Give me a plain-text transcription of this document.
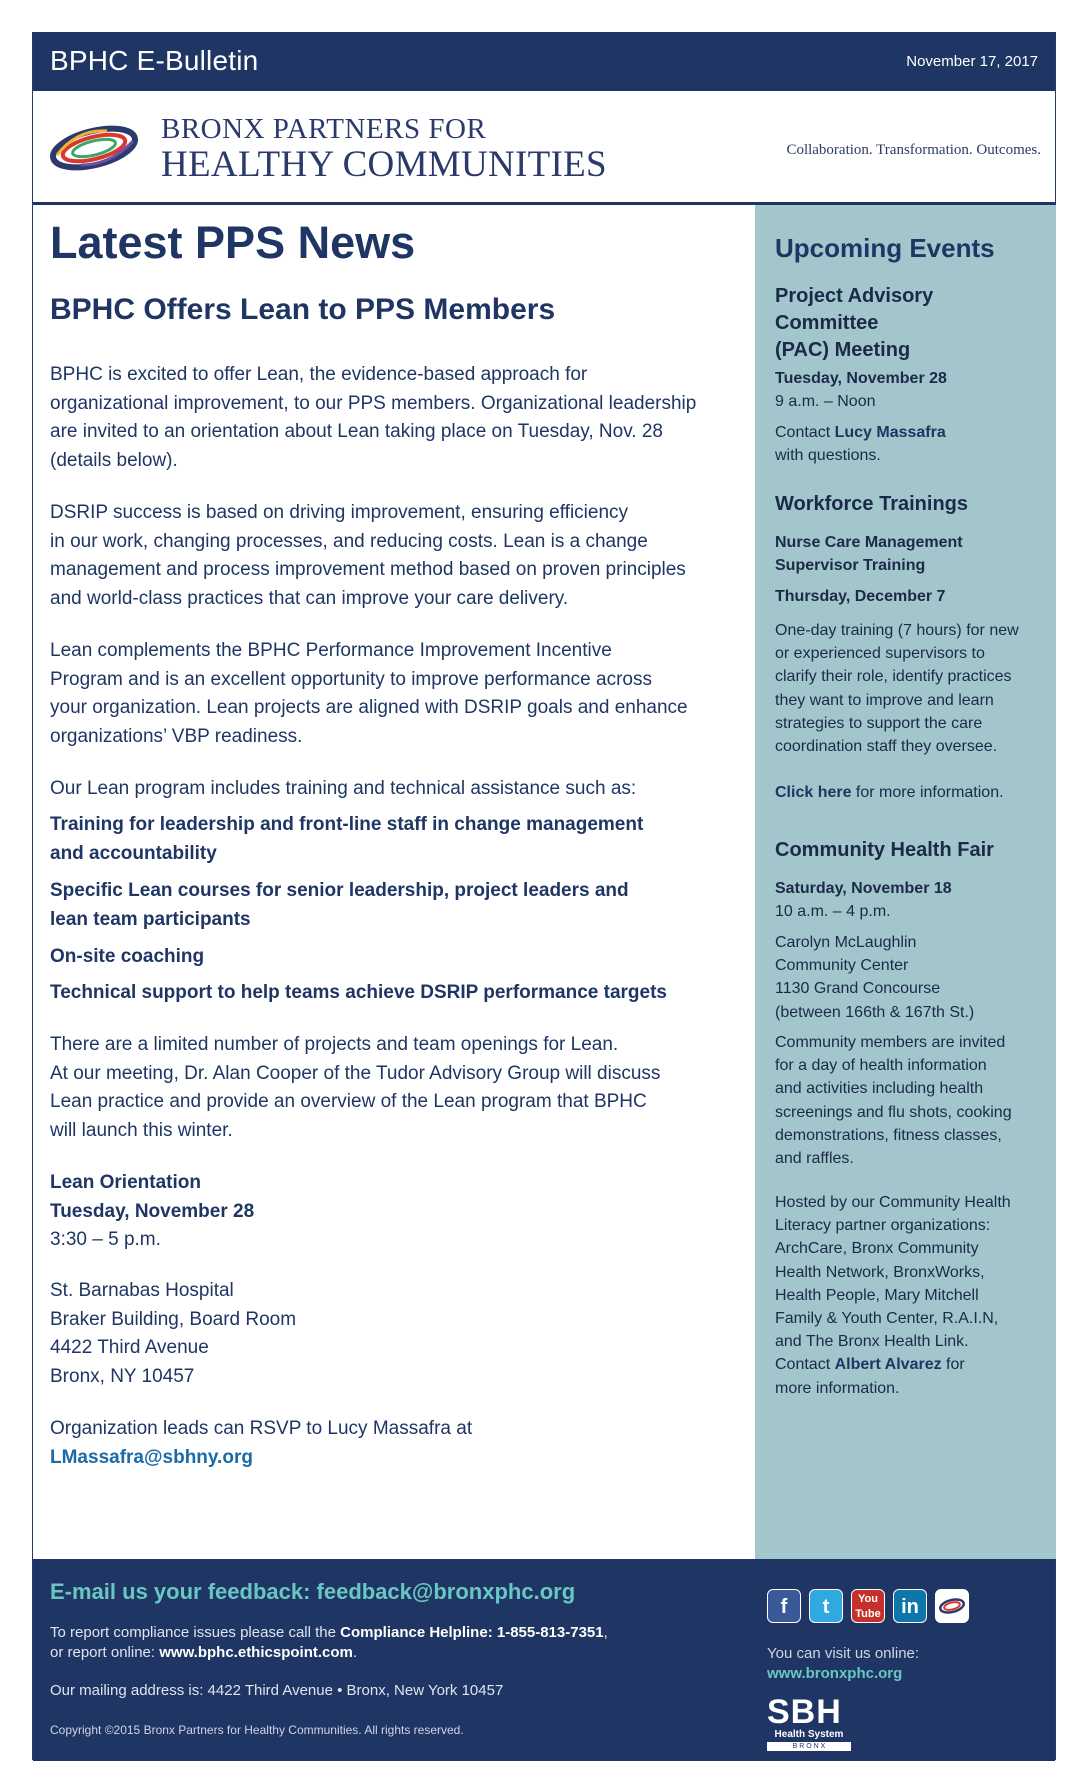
BPHC E-Bulletin	November 17, 2017
BRONX PARTNERS FOR
HEALTHY COMMUNITIES	Collaboration. Transformation. Outcomes.
Latest PPS News
BPHC Offers Lean to PPS Members
BPHC is excited to offer Lean, the evidence-based approach for
organizational improvement, to our PPS members. Organizational leadership
are invited to an orientation about Lean taking place on Tuesday, Nov. 28
(details below).
DSRIP success is based on driving improvement, ensuring efficiency
in our work, changing processes, and reducing costs. Lean is a change
management and process improvement method based on proven principles
and world-class practices that can improve your care delivery.
Lean complements the BPHC Performance Improvement Incentive
Program and is an excellent opportunity to improve performance across
your organization. Lean projects are aligned with DSRIP goals and enhance
organizations’ VBP readiness.
Our Lean program includes training and technical assistance such as:
Training for leadership and front-line staff in change management
and accountability
Specific Lean courses for senior leadership, project leaders and
lean team participants
On-site coaching
Technical support to help teams achieve DSRIP performance targets
There are a limited number of projects and team openings for Lean.
At our meeting, Dr. Alan Cooper of the Tudor Advisory Group will discuss
Lean practice and provide an overview of the Lean program that BPHC
will launch this winter.
Lean Orientation
Tuesday, November 28
3:30 – 5 p.m.
St. Barnabas Hospital
Braker Building, Board Room
4422 Third Avenue
Bronx, NY 10457
Organization leads can RSVP to Lucy Massafra at
LMassafra@sbhny.org
Upcoming Events
Project Advisory
Committee
(PAC) Meeting
Tuesday, November 28
9 a.m. – Noon
Contact Lucy Massafra
with questions.
Workforce Trainings
Nurse Care Management
Supervisor Training
Thursday, December 7
One-day training (7 hours) for new
or experienced supervisors to
clarify their role, identify practices
they want to improve and learn
strategies to support the care
coordination staff they oversee.
Click here for more information.
Community Health Fair
Saturday, November 18
10 a.m. – 4 p.m.
Carolyn McLaughlin
Community Center
1130 Grand Concourse
(between 166th & 167th St.)
Community members are invited
for a day of health information
and activities including health
screenings and flu shots, cooking
demonstrations, fitness classes,
and raffles.
Hosted by our Community Health
Literacy partner organizations:
ArchCare, Bronx Community
Health Network, BronxWorks,
Health People, Mary Mitchell
Family & Youth Center, R.A.I.N,
and The Bronx Health Link.
Contact Albert Alvarez for
more information.
E-mail us your feedback: feedback@bronxphc.org
To report compliance issues please call the Compliance Helpline: 1-855-813-7351,
or report online: www.bphc.ethicspoint.com.
Our mailing address is: 4422 Third Avenue • Bronx, New York 10457
Copyright ©2015 Bronx Partners for Healthy Communities. All rights reserved.
f	t	You
Tube	in
You can visit us online:
www.bronxphc.org
SBH
Health System
B R O N X
